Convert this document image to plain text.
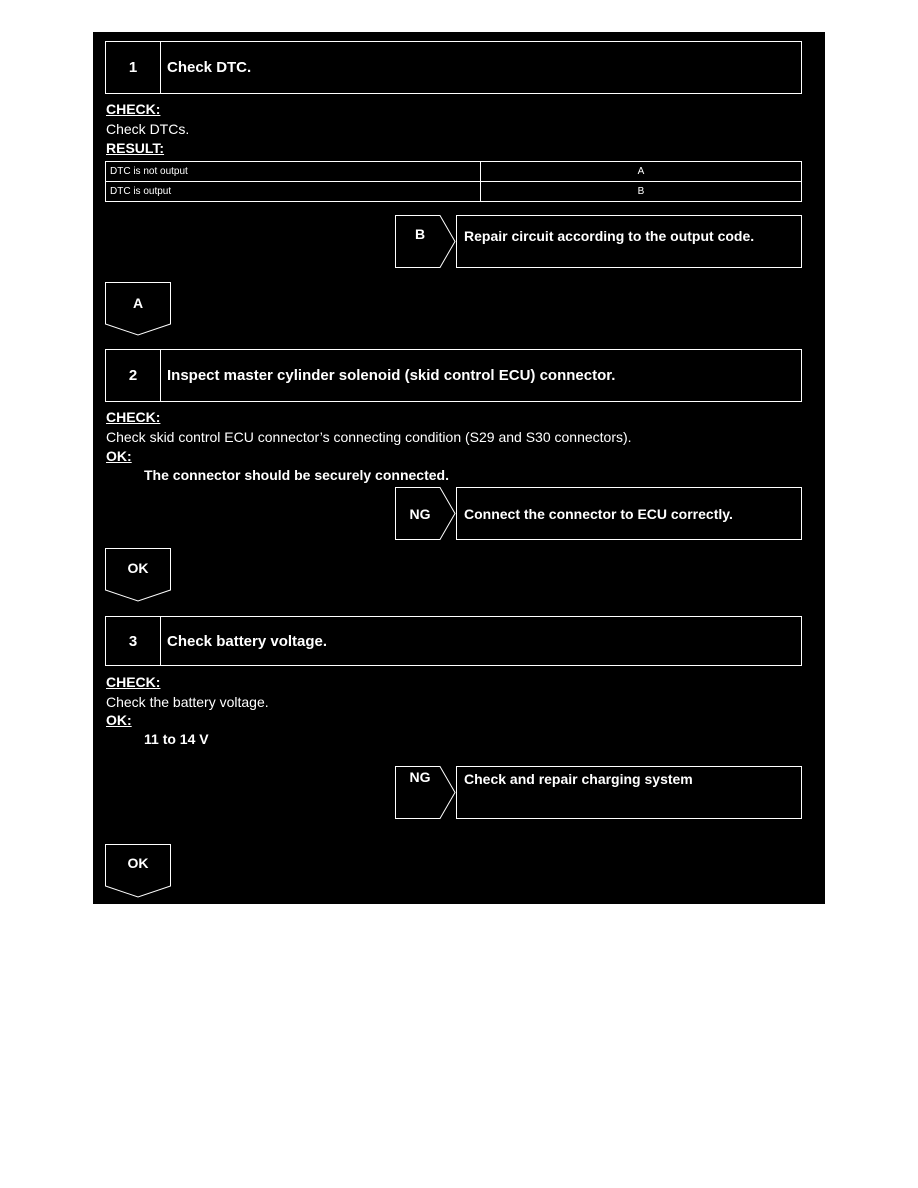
1	Check DTC.
CHECK:
Check DTCs.
RESULT:
DTC is not output	A
DTC is output	B
B	Repair circuit according to the output code.
A
2	Inspect master cylinder solenoid (skid control ECU) connector.
CHECK:
Check skid control ECU connector’s connecting condition (S29 and S30 connectors).
OK:
The connector should be securely connected.
NG	Connect the connector to ECU correctly.
OK
3	Check battery voltage.
CHECK:
Check the battery voltage.
OK:
11 to 14 V
NG	Check and repair charging system
OK
